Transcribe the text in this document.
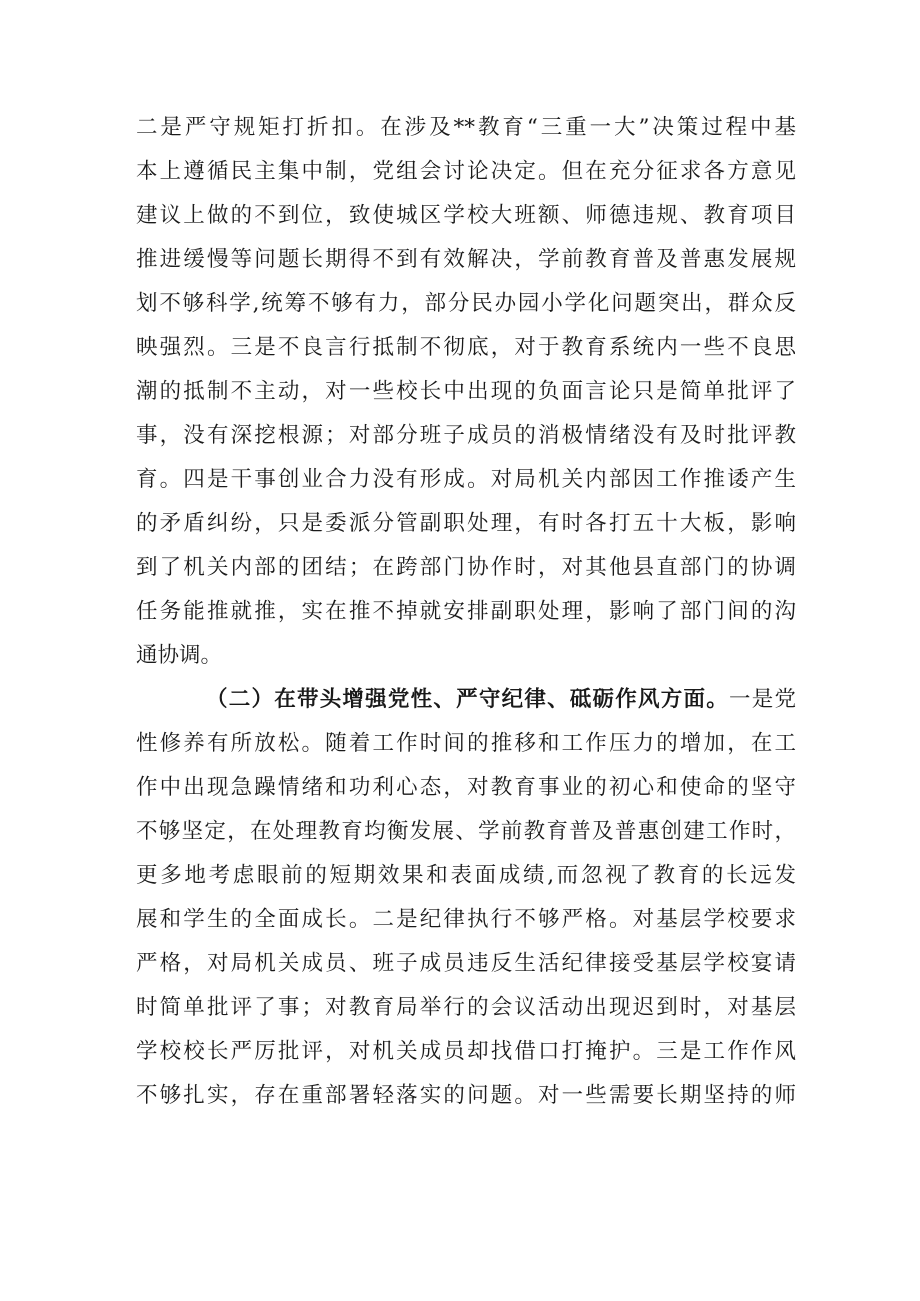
二是严守规矩打折扣。在涉及**教育“三重一大”决策过程中基
本上遵循民主集中制，党组会讨论决定。但在充分征求各方意见
建议上做的不到位，致使城区学校大班额、师德违规、教育项目
推进缓慢等问题长期得不到有效解决，学前教育普及普惠发展规
划不够科学,统筹不够有力，部分民办园小学化问题突出，群众反
映强烈。三是不良言行抵制不彻底，对于教育系统内一些不良思
潮的抵制不主动，对一些校长中出现的负面言论只是简单批评了
事，没有深挖根源；对部分班子成员的消极情绪没有及时批评教
育。四是干事创业合力没有形成。对局机关内部因工作推诿产生
的矛盾纠纷，只是委派分管副职处理，有时各打五十大板，影响
到了机关内部的团结；在跨部门协作时，对其他县直部门的协调
任务能推就推，实在推不掉就安排副职处理，影响了部门间的沟
通协调。
（二）在带头增强党性、严守纪律、砥砺作风方面。一是党
性修养有所放松。随着工作时间的推移和工作压力的增加，在工
作中出现急躁情绪和功利心态，对教育事业的初心和使命的坚守
不够坚定，在处理教育均衡发展、学前教育普及普惠创建工作时，
更多地考虑眼前的短期效果和表面成绩,而忽视了教育的长远发
展和学生的全面成长。二是纪律执行不够严格。对基层学校要求
严格，对局机关成员、班子成员违反生活纪律接受基层学校宴请
时简单批评了事；对教育局举行的会议活动出现迟到时，对基层
学校校长严厉批评，对机关成员却找借口打掩护。三是工作作风
不够扎实，存在重部署轻落实的问题。对一些需要长期坚持的师
